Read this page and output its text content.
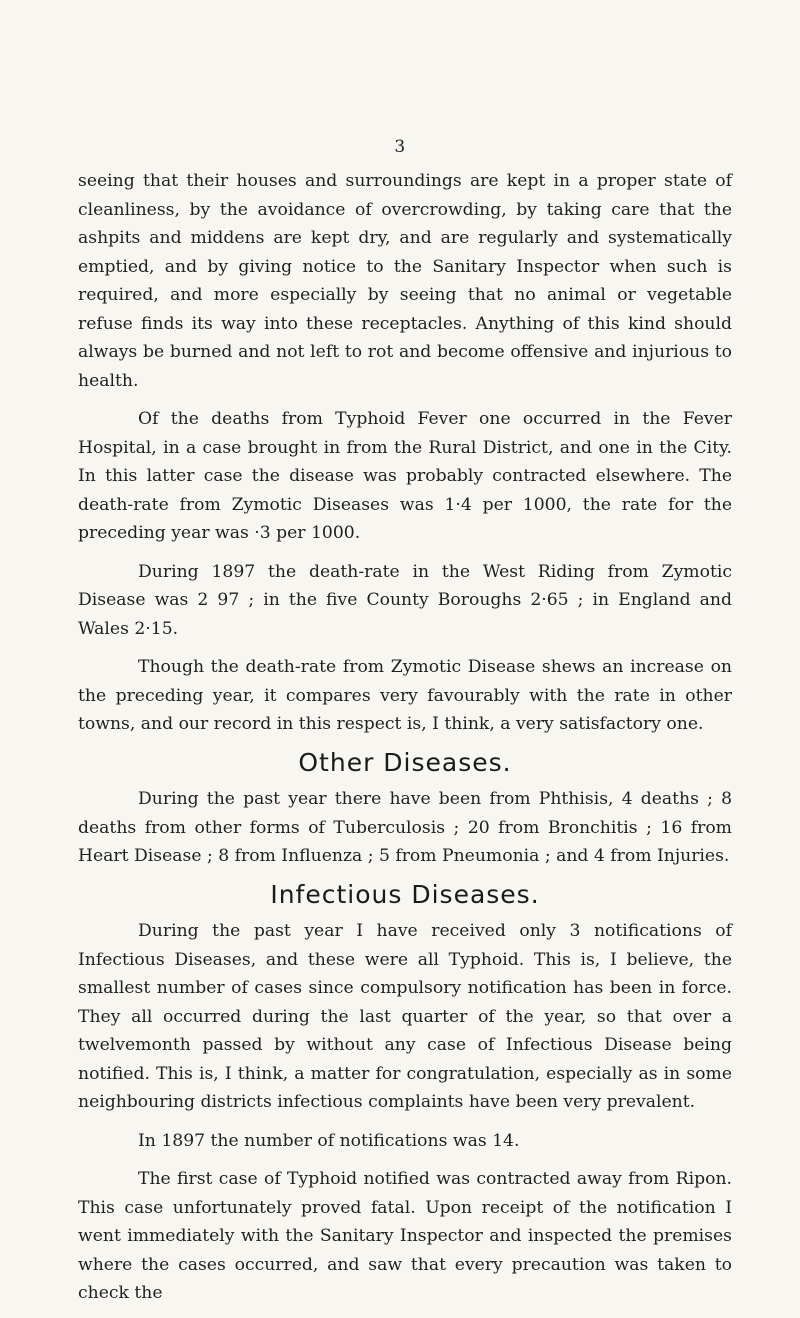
3

seeing that their houses and surroundings are kept in a proper state of cleanliness, by the avoidance of overcrowding, by taking care that the ashpits and middens are kept dry, and are regularly and systematically emptied, and by giving notice to the Sanitary Inspector when such is required, and more especially by seeing that no animal or vegetable refuse finds its way into these receptacles. Anything of this kind should always be burned and not left to rot and become offensive and injurious to health.

Of the deaths from Typhoid Fever one occurred in the Fever Hospital, in a case brought in from the Rural District, and one in the City. In this latter case the disease was probably contracted elsewhere. The death-rate from Zymotic Diseases was 1·4 per 1000, the rate for the preceding year was ·3 per 1000.

During 1897 the death-rate in the West Riding from Zymotic Disease was 2 97 ; in the five County Boroughs 2·65 ; in England and Wales 2·15.

Though the death-rate from Zymotic Disease shews an increase on the preceding year, it compares very favourably with the rate in other towns, and our record in this respect is, I think, a very satisfactory one.

Other Diseases.

During the past year there have been from Phthisis, 4 deaths ; 8 deaths from other forms of Tuberculosis ; 20 from Bronchitis ; 16 from Heart Disease ; 8 from Influenza ; 5 from Pneumonia ; and 4 from Injuries.

Infectious Diseases.

During the past year I have received only 3 notifications of Infectious Diseases, and these were all Typhoid. This is, I believe, the smallest number of cases since compulsory notification has been in force. They all occurred during the last quarter of the year, so that over a twelvemonth passed by without any case of Infectious Disease being notified. This is, I think, a matter for congratulation, especially as in some neighbouring districts infectious complaints have been very prevalent.

In 1897 the number of notifications was 14.

The first case of Typhoid notified was contracted away from Ripon. This case unfortunately proved fatal. Upon receipt of the notification I went immediately with the Sanitary Inspector and inspected the premises where the cases occurred, and saw that every precaution was taken to check the
